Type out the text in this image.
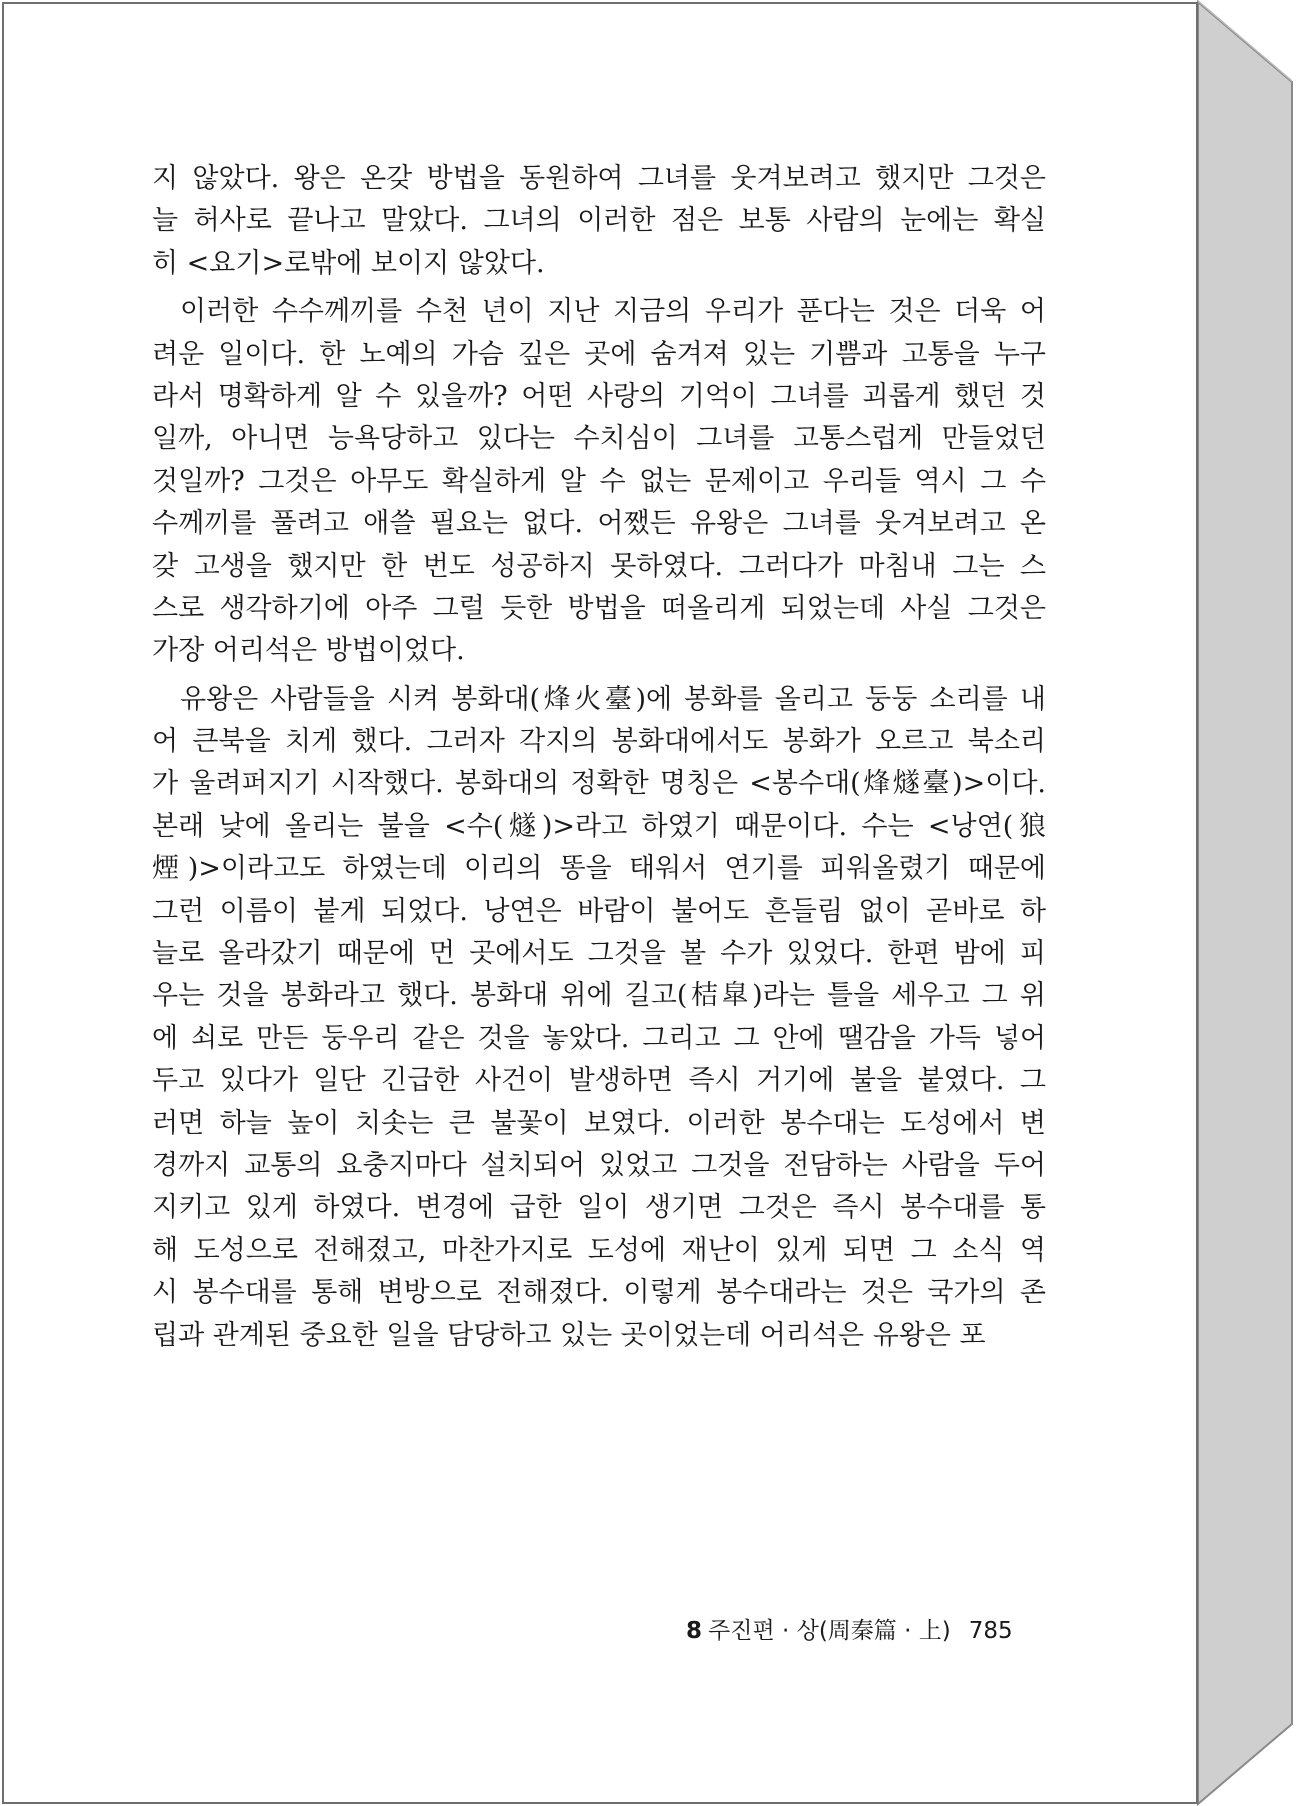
지 않았다. 왕은 온갖 방법을 동원하여 그녀를 웃겨보려고 했지만 그것은
늘 허사로 끝나고 말았다. 그녀의 이러한 점은 보통 사람의 눈에는 확실
히 <요기>로밖에 보이지 않았다.
이러한 수수께끼를 수천 년이 지난 지금의 우리가 푼다는 것은 더욱 어
려운 일이다. 한 노예의 가슴 깊은 곳에 숨겨져 있는 기쁨과 고통을 누구
라서 명확하게 알 수 있을까? 어떤 사랑의 기억이 그녀를 괴롭게 했던 것
일까, 아니면 능욕당하고 있다는 수치심이 그녀를 고통스럽게 만들었던
것일까? 그것은 아무도 확실하게 알 수 없는 문제이고 우리들 역시 그 수
수께끼를 풀려고 애쓸 필요는 없다. 어쨌든 유왕은 그녀를 웃겨보려고 온
갖 고생을 했지만 한 번도 성공하지 못하였다. 그러다가 마침내 그는 스
스로 생각하기에 아주 그럴 듯한 방법을 떠올리게 되었는데 사실 그것은
가장 어리석은 방법이었다.
유왕은 사람들을 시켜 봉화대(烽火臺)에 봉화를 올리고 둥둥 소리를 내
어 큰북을 치게 했다. 그러자 각지의 봉화대에서도 봉화가 오르고 북소리
가 울려퍼지기 시작했다. 봉화대의 정확한 명칭은 <봉수대(烽燧臺)>이다.
본래 낮에 올리는 불을 <수(燧)>라고 하였기 때문이다. 수는 <낭연(狼
煙)>이라고도 하였는데 이리의 똥을 태워서 연기를 피워올렸기 때문에
그런 이름이 붙게 되었다. 낭연은 바람이 불어도 흔들림 없이 곧바로 하
늘로 올라갔기 때문에 먼 곳에서도 그것을 볼 수가 있었다. 한편 밤에 피
우는 것을 봉화라고 했다. 봉화대 위에 길고(桔皐)라는 틀을 세우고 그 위
에 쇠로 만든 둥우리 같은 것을 놓았다. 그리고 그 안에 땔감을 가득 넣어
두고 있다가 일단 긴급한 사건이 발생하면 즉시 거기에 불을 붙였다. 그
러면 하늘 높이 치솟는 큰 불꽃이 보였다. 이러한 봉수대는 도성에서 변
경까지 교통의 요충지마다 설치되어 있었고 그것을 전담하는 사람을 두어
지키고 있게 하였다. 변경에 급한 일이 생기면 그것은 즉시 봉수대를 통
해 도성으로 전해졌고, 마찬가지로 도성에 재난이 있게 되면 그 소식 역
시 봉수대를 통해 변방으로 전해졌다. 이렇게 봉수대라는 것은 국가의 존
립과 관계된 중요한 일을 담당하고 있는 곳이었는데 어리석은 유왕은 포
8 주진편 · 상(周秦篇 · 上) 785
